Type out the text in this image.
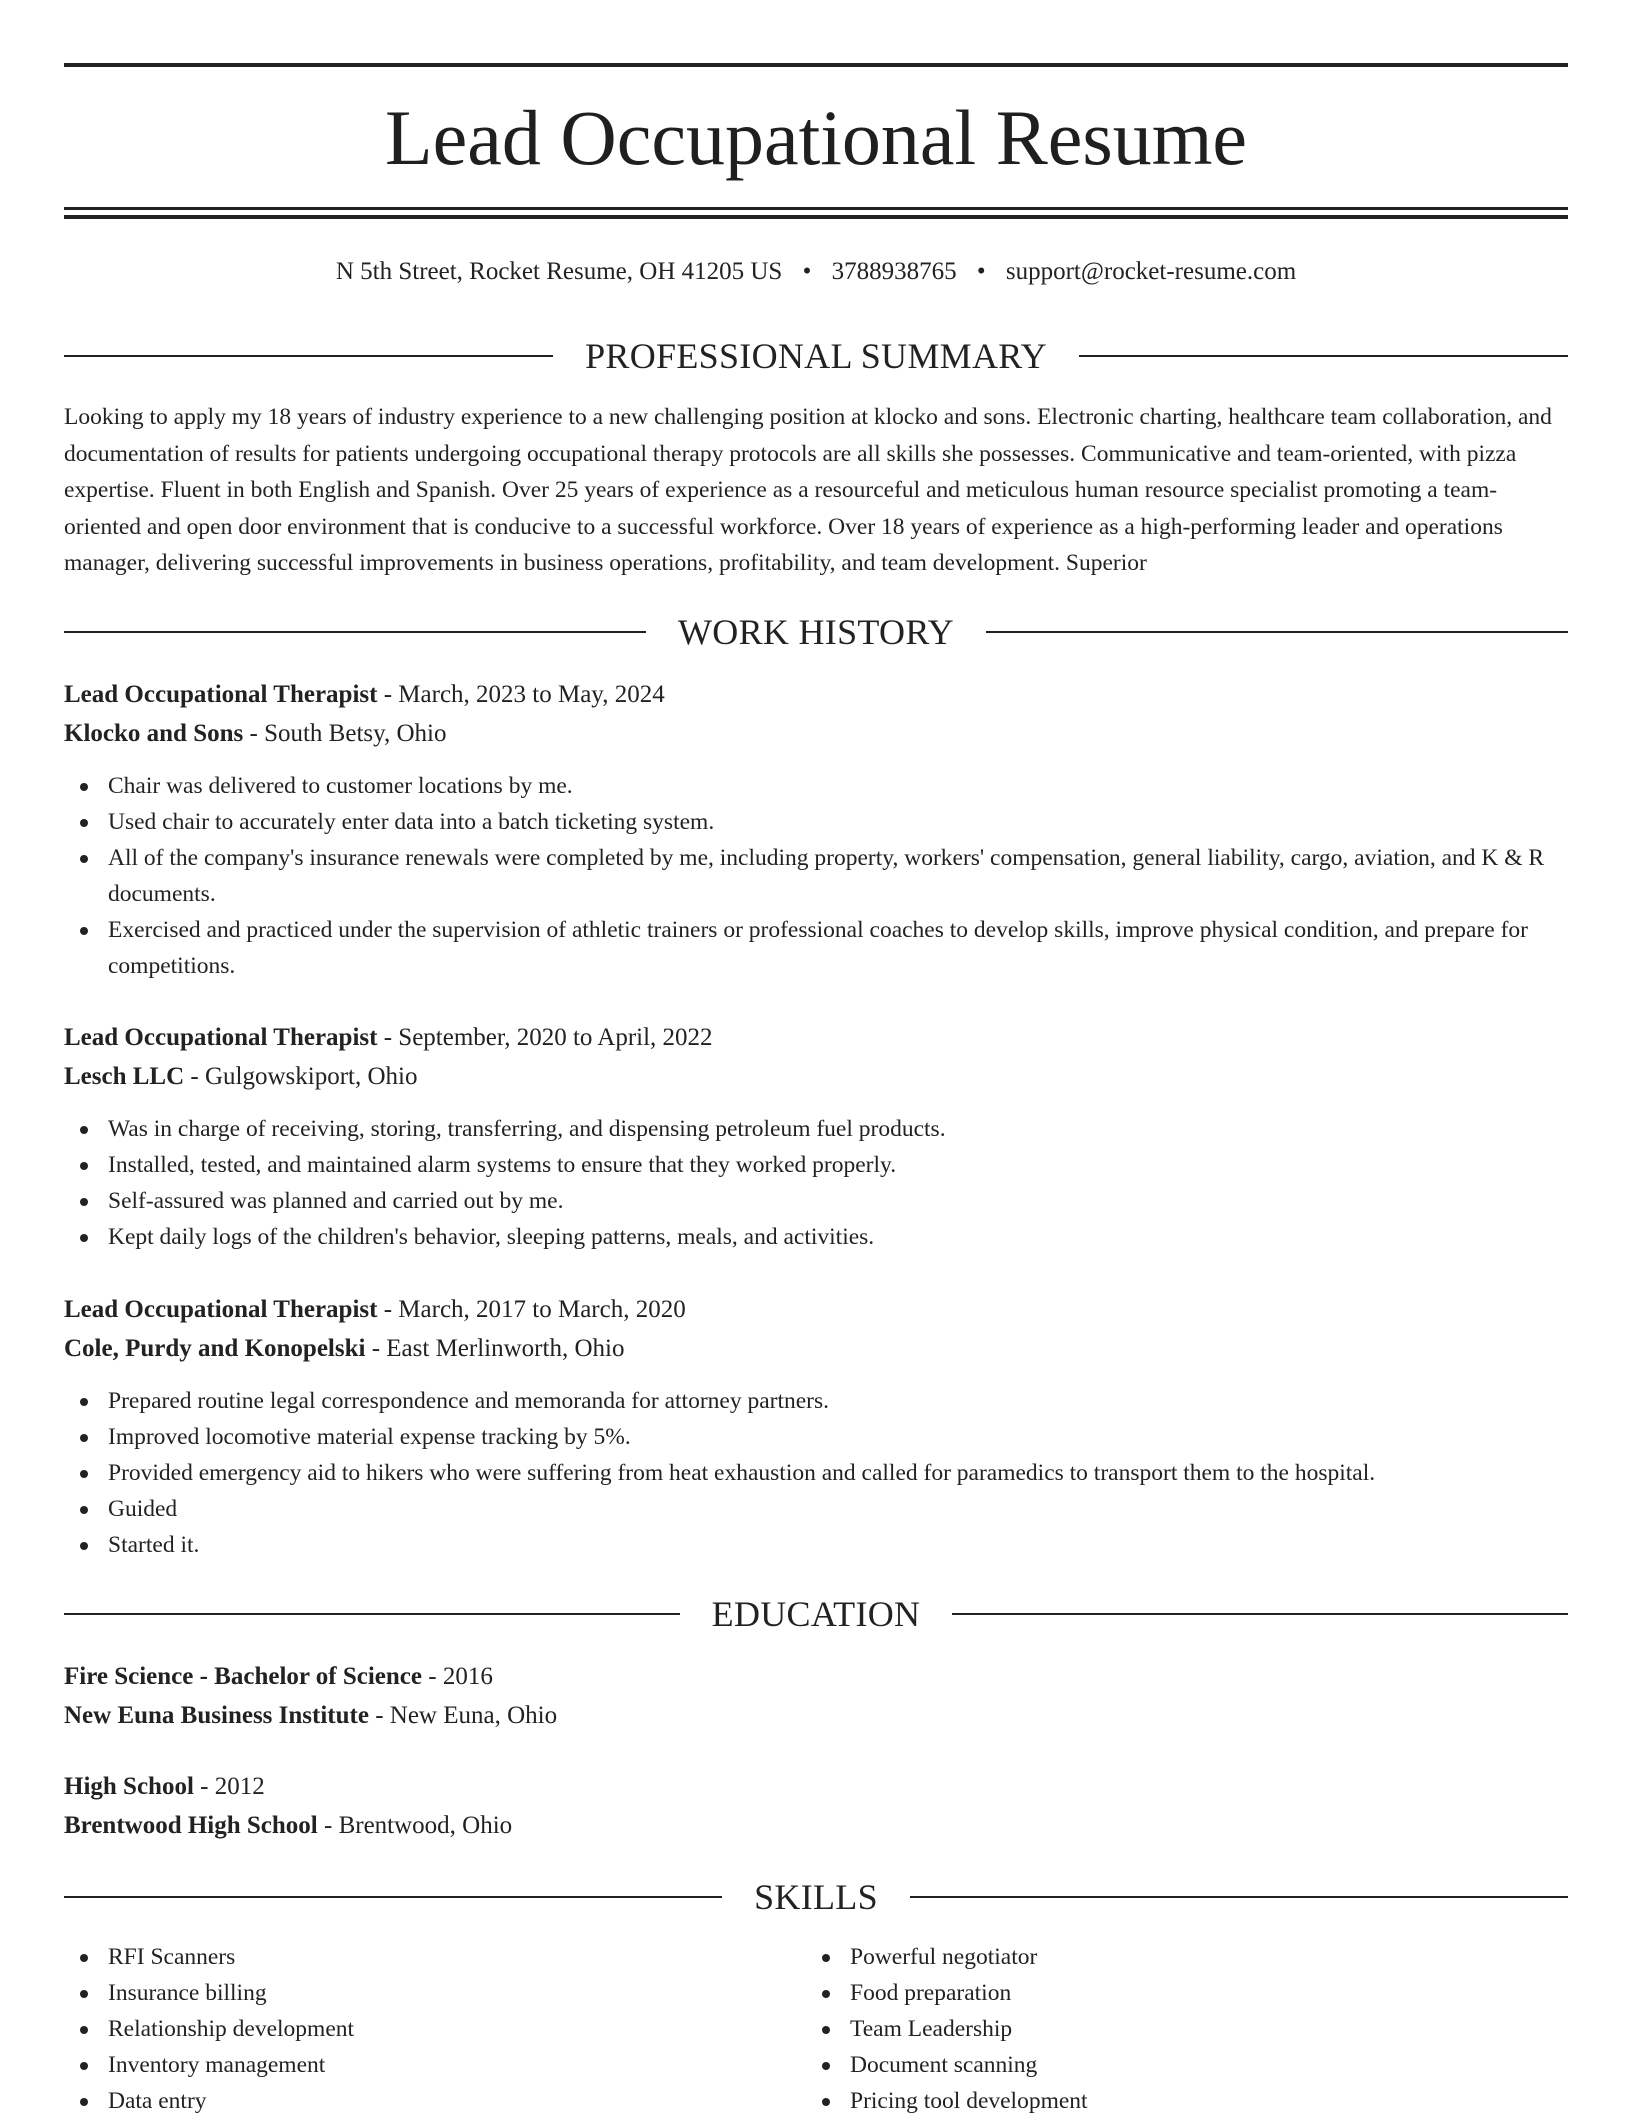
Lead Occupational Resume
N 5th Street, Rocket Resume, OH 41205 US • 3788938765 • support@rocket-resume.com
PROFESSIONAL SUMMARY

Looking to apply my 18 years of industry experience to a new challenging position at klocko and sons. Electronic charting, healthcare team collaboration, and documentation of results for patients undergoing occupational therapy protocols are all skills she possesses. Communicative and team-oriented, with pizza expertise. Fluent in both English and Spanish. Over 25 years of experience as a resourceful and meticulous human resource specialist promoting a team-oriented and open door environment that is conducive to a successful workforce. Over 18 years of experience as a high-performing leader and operations manager, delivering successful improvements in business operations, profitability, and team development. Superior

WORK HISTORY
Lead Occupational Therapist - March, 2023 to May, 2024
Klocko and Sons - South Betsy, Ohio
Chair was delivered to customer locations by me.
Used chair to accurately enter data into a batch ticketing system.
All of the company's insurance renewals were completed by me, including property, workers' compensation, general liability, cargo, aviation, and K & R documents.
Exercised and practiced under the supervision of athletic trainers or professional coaches to develop skills, improve physical condition, and prepare for competitions.
Lead Occupational Therapist - September, 2020 to April, 2022
Lesch LLC - Gulgowskiport, Ohio
Was in charge of receiving, storing, transferring, and dispensing petroleum fuel products.
Installed, tested, and maintained alarm systems to ensure that they worked properly.
Self-assured was planned and carried out by me.
Kept daily logs of the children's behavior, sleeping patterns, meals, and activities.
Lead Occupational Therapist - March, 2017 to March, 2020
Cole, Purdy and Konopelski - East Merlinworth, Ohio
Prepared routine legal correspondence and memoranda for attorney partners.
Improved locomotive material expense tracking by 5%.
Provided emergency aid to hikers who were suffering from heat exhaustion and called for paramedics to transport them to the hospital.
Guided
Started it.
EDUCATION
Fire Science - Bachelor of Science - 2016
New Euna Business Institute - New Euna, Ohio
High School - 2012
Brentwood High School - Brentwood, Ohio
SKILLS
RFI Scanners
Insurance billing
Relationship development
Inventory management
Data entry
Powerful negotiator
Food preparation
Team Leadership
Document scanning
Pricing tool development
